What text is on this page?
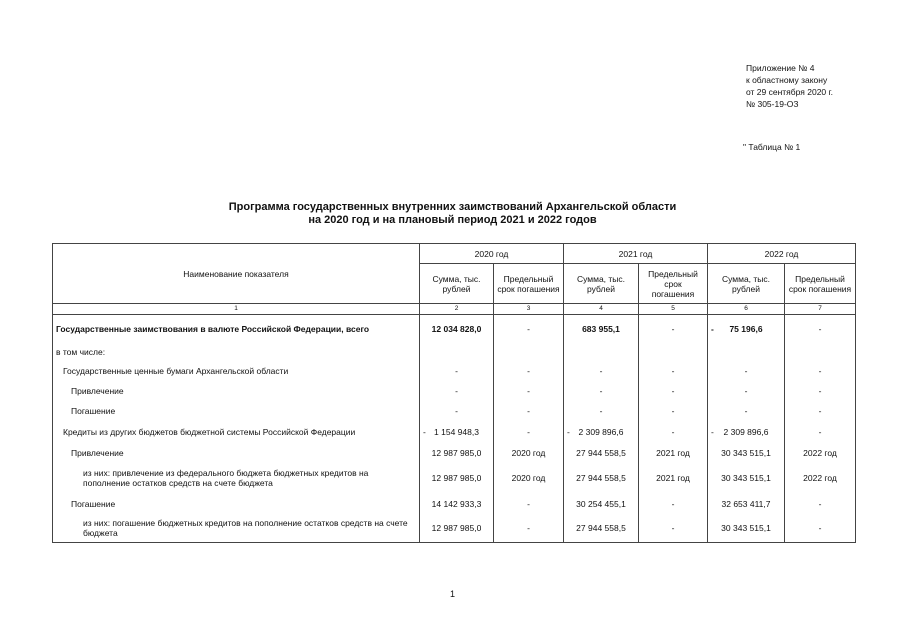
Приложение № 4
к областному закону
от 29 сентября 2020 г.
№ 305-19-ОЗ
" Таблица № 1
Программа государственных внутренних заимствований Архангельской области
на 2020 год и на плановый период 2021 и 2022 годов
Наименование показателя	2020 год		2021 год		2022 год	
	Сумма, тыс. рублей	Предельный срок погашения	Сумма, тыс. рублей	Предельный срок погашения	Сумма, тыс. рублей	Предельный срок погашения
1	2	3	4	5	6	7
Государственные заимствования в валюте Российской Федерации, всего	12 034 828,0	-	683 955,1	-	- 75 196,6	-
в том числе:						
Государственные ценные бумаги Архангельской области	-	-	-	-	-	-
Привлечение	-	-	-	-	-	-
Погашение	-	-	-	-	-	-
Кредиты из других бюджетов бюджетной системы Российской Федерации	- 1 154 948,3	-	- 2 309 896,6	-	- 2 309 896,6	-
Привлечение	12 987 985,0	2020 год	27 944 558,5	2021 год	30 343 515,1	2022 год
из них: привлечение из федерального бюджета бюджетных кредитов на пополнение остатков средств на счете бюджета	12 987 985,0	2020 год	27 944 558,5	2021 год	30 343 515,1	2022 год
Погашение	14 142 933,3	-	30 254 455,1	-	32 653 411,7	-
из них: погашение бюджетных кредитов на пополнение остатков средств на счете бюджета	12 987 985,0	-	27 944 558,5	-	30 343 515,1	-
1
